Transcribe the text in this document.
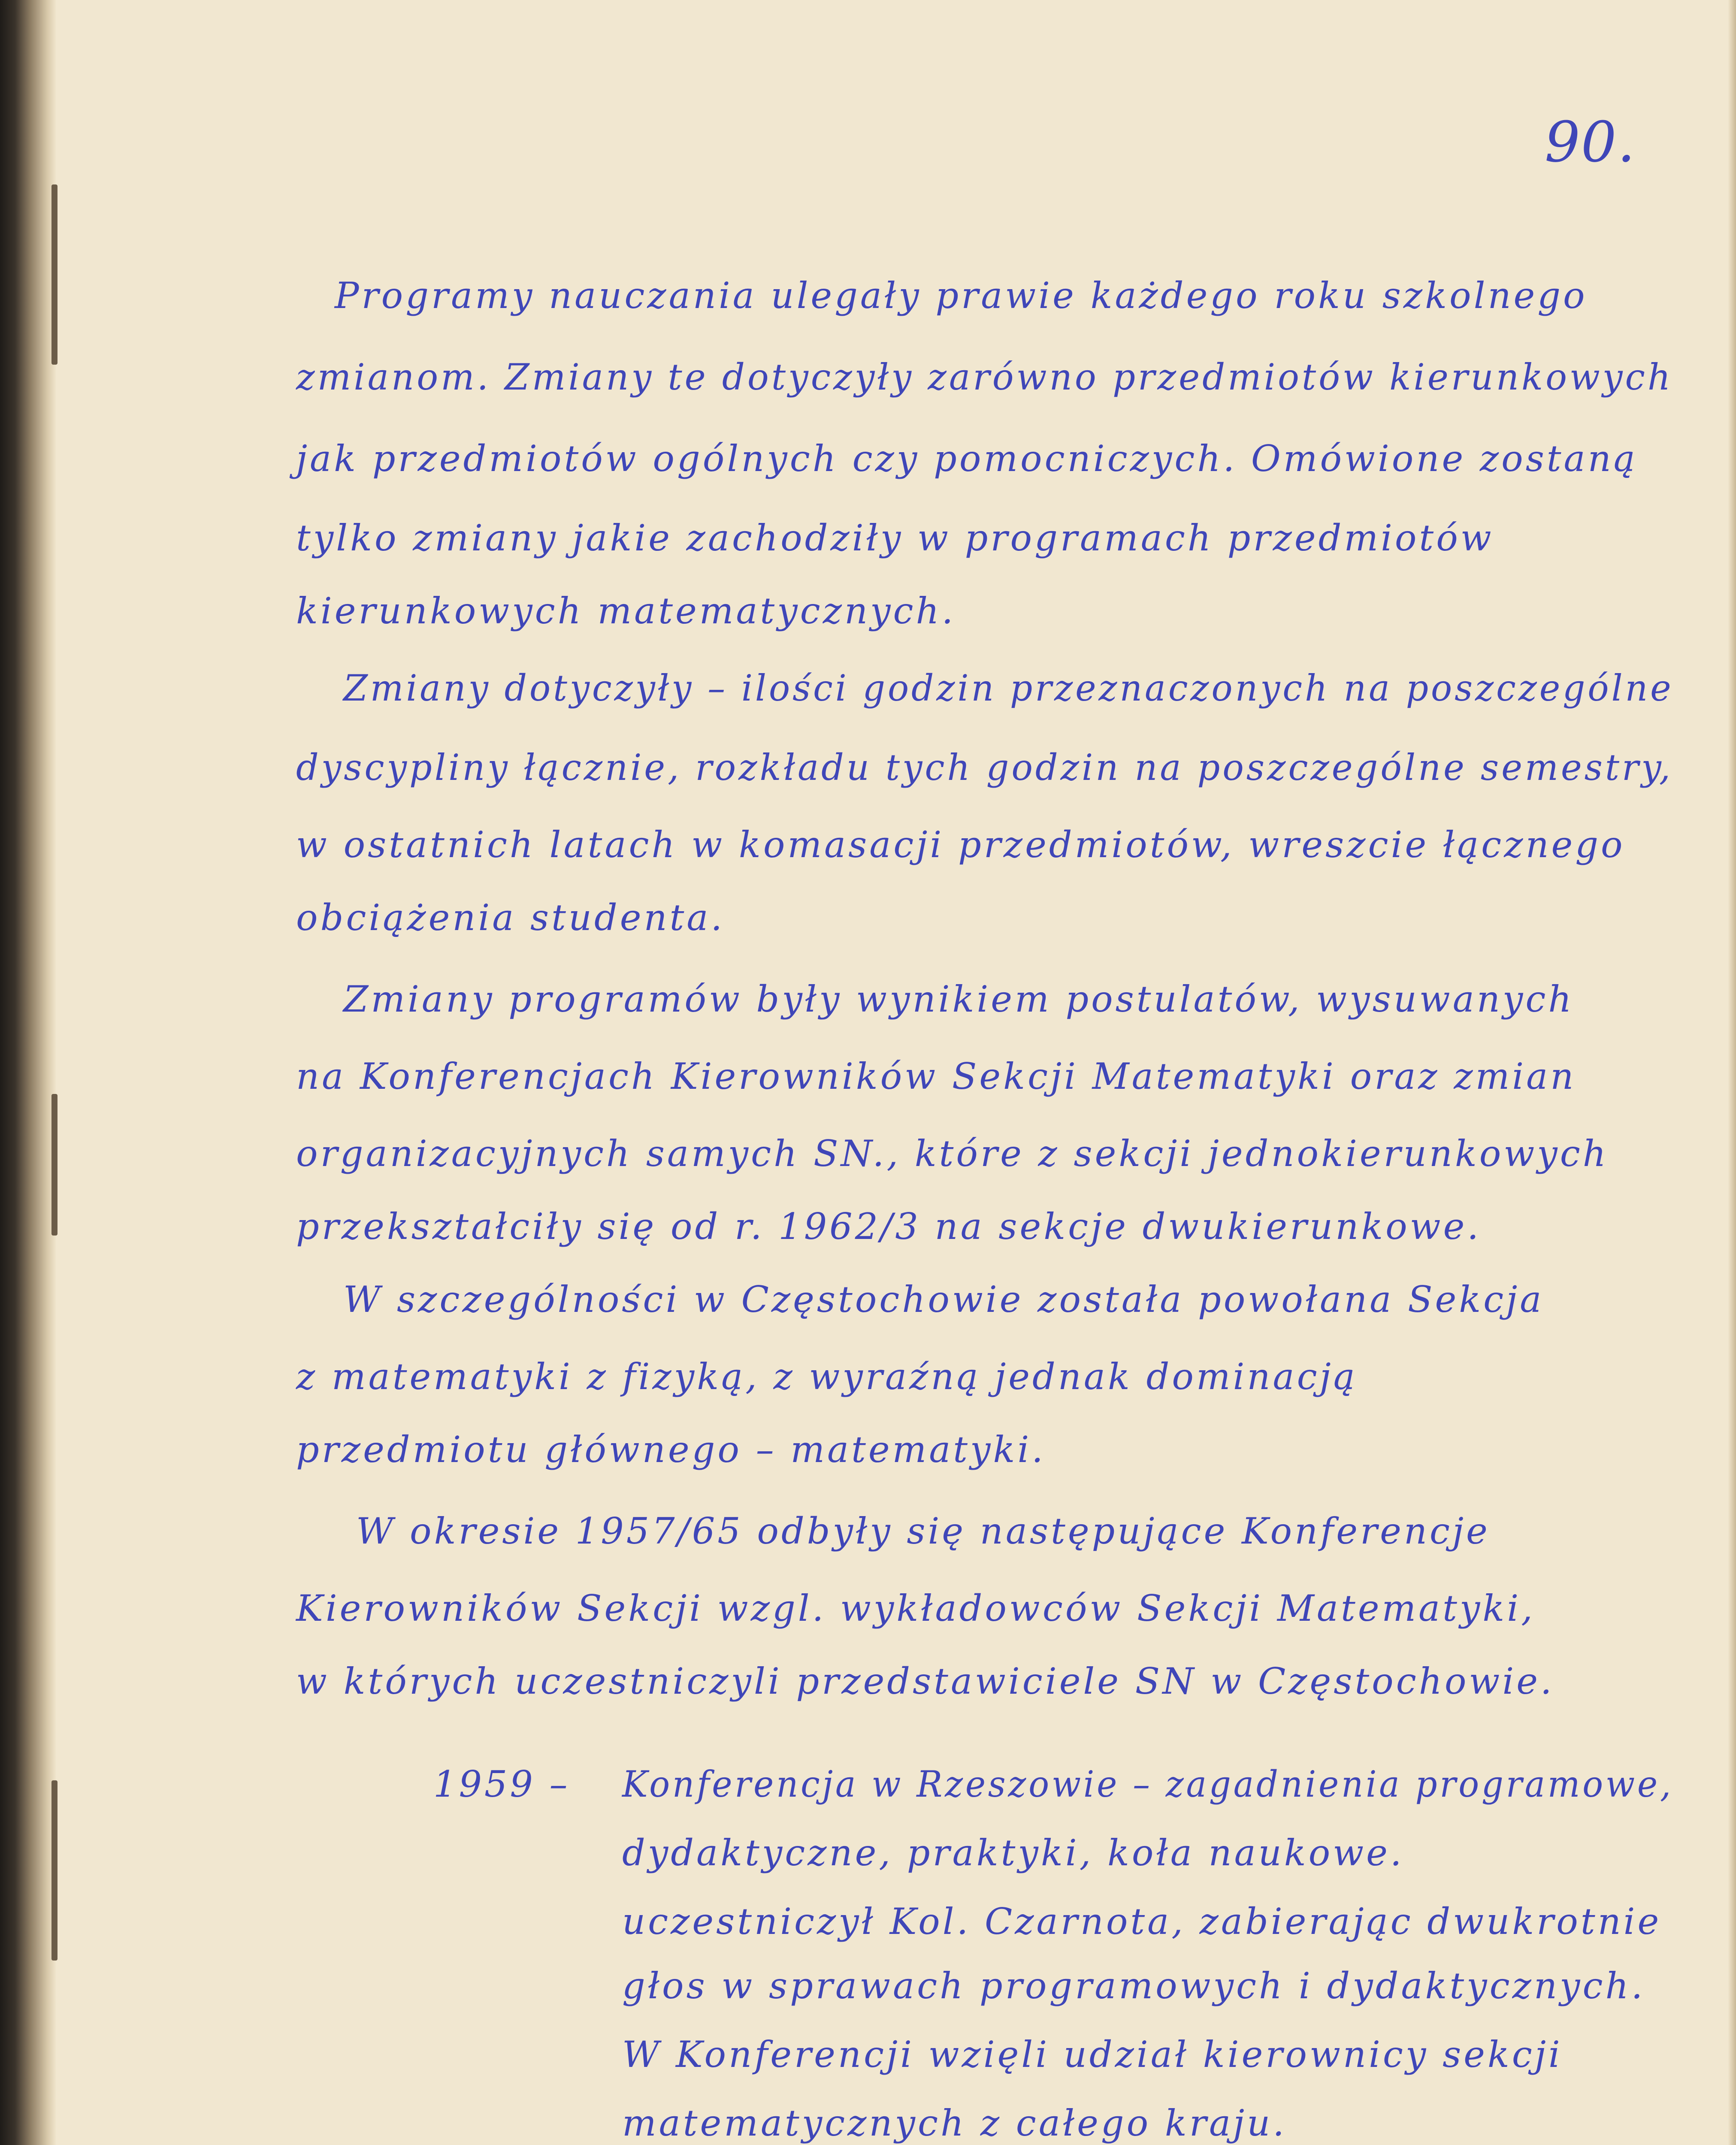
90.
Programy nauczania ulegały prawie każdego roku szkolnego
zmianom. Zmiany te dotyczyły zarówno przedmiotów kierunkowych
jak przedmiotów ogólnych czy pomocniczych. Omówione zostaną
tylko zmiany jakie zachodziły w programach przedmiotów
kierunkowych matematycznych.
Zmiany dotyczyły – ilości godzin przeznaczonych na poszczególne
dyscypliny łącznie, rozkładu tych godzin na poszczególne semestry,
w ostatnich latach w komasacji przedmiotów, wreszcie łącznego
obciążenia studenta.
Zmiany programów były wynikiem postulatów, wysuwanych
na Konferencjach Kierowników Sekcji Matematyki oraz zmian
organizacyjnych samych SN., które z sekcji jednokierunkowych
przekształciły się od r. 1962/3 na sekcje dwukierunkowe.
W szczególności w Częstochowie została powołana Sekcja
z matematyki z fizyką, z wyraźną jednak dominacją
przedmiotu głównego – matematyki.
W okresie 1957/65 odbyły się następujące Konferencje
Kierowników Sekcji wzgl. wykładowców Sekcji Matematyki,
w których uczestniczyli przedstawiciele SN w Częstochowie.
1959 – Konferencja w Rzeszowie – zagadnienia programowe,
dydaktyczne, praktyki, koła naukowe.
uczestniczył Kol. Czarnota, zabierając dwukrotnie
głos w sprawach programowych i dydaktycznych.
W Konferencji wzięli udział kierownicy sekcji
matematycznych z całego kraju.
